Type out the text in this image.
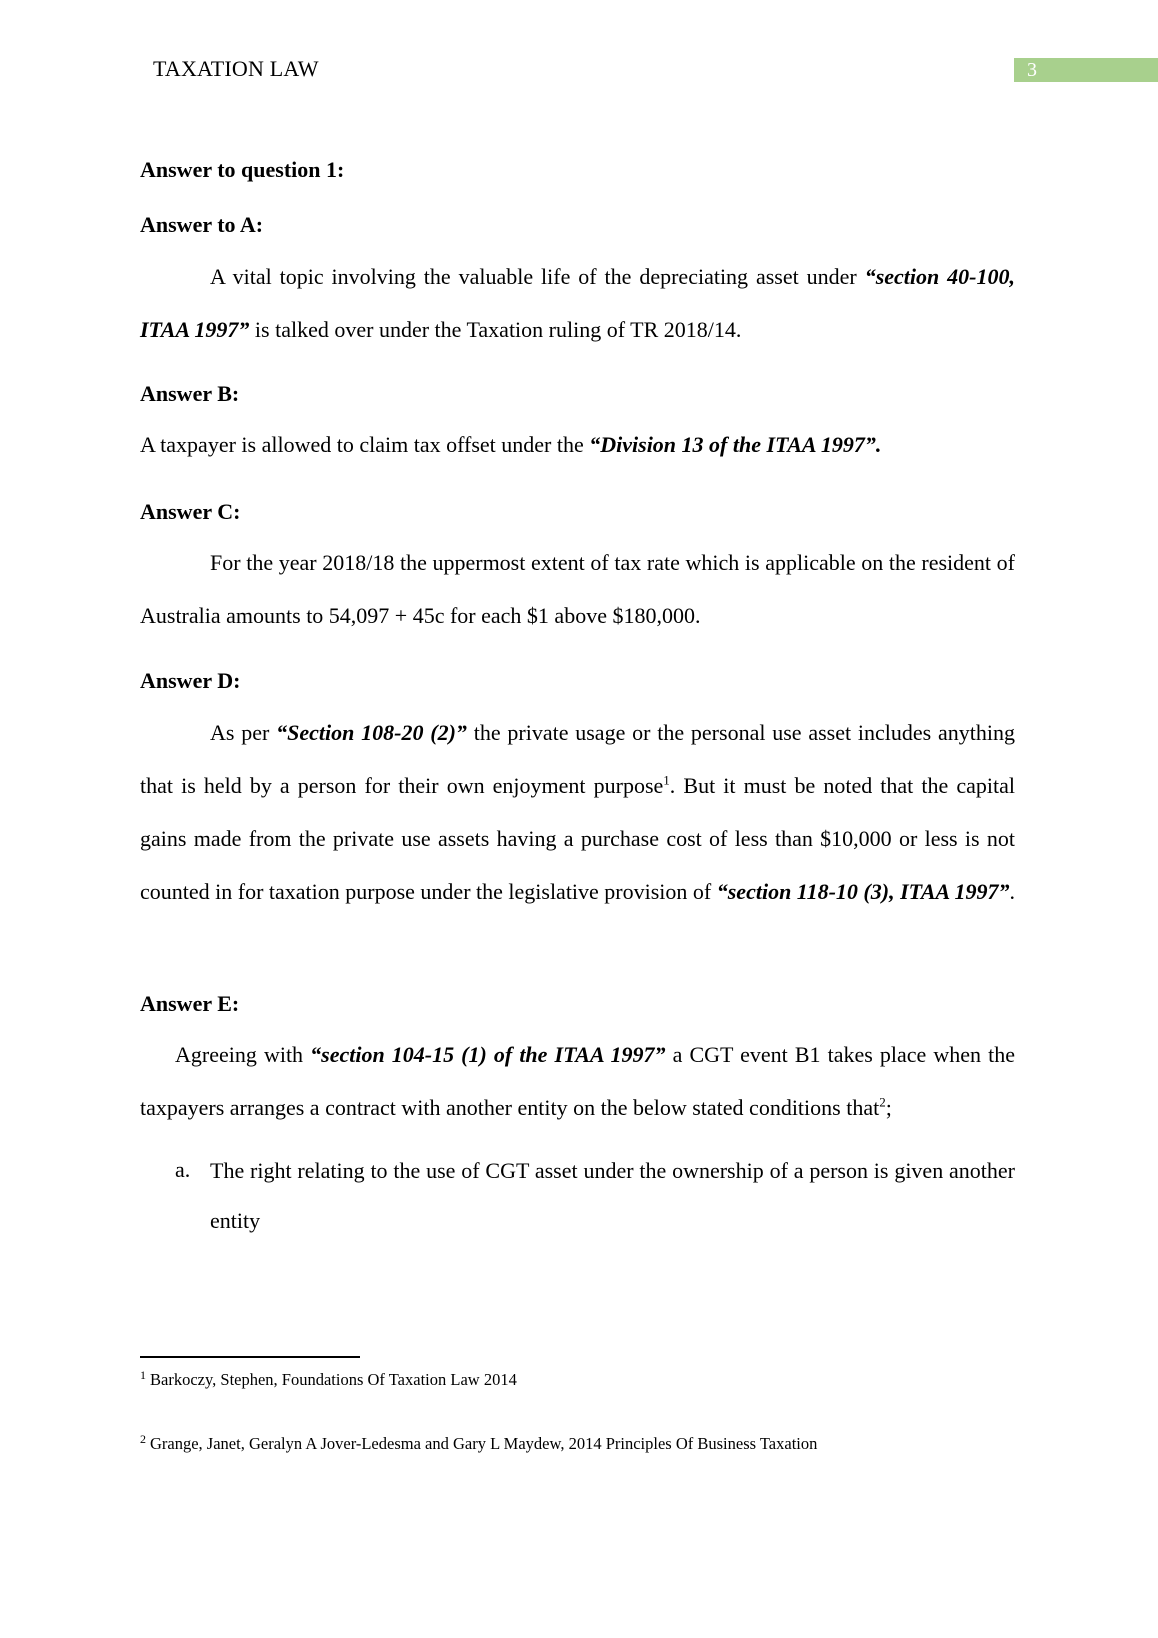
TAXATION LAW	3
Answer to question 1:
Answer to A:
A vital topic involving the valuable life of the depreciating asset under “section 40-100, ITAA 1997” is talked over under the Taxation ruling of TR 2018/14.
Answer B:
A taxpayer is allowed to claim tax offset under the “Division 13 of the ITAA 1997”.
Answer C:
For the year 2018/18 the uppermost extent of tax rate which is applicable on the resident of Australia amounts to 54,097 + 45c for each $1 above $180,000.
Answer D:
As per “Section 108-20 (2)” the private usage or the personal use asset includes anything that is held by a person for their own enjoyment purpose$^1$. But it must be noted that the capital gains made from the private use assets having a purchase cost of less than $10,000 or less is not counted in for taxation purpose under the legislative provision of “section 118-10 (3), ITAA 1997”.
Answer E:
Agreeing with “section 104-15 (1) of the ITAA 1997” a CGT event B1 takes place when the taxpayers arranges a contract with another entity on the below stated conditions that$^2$;
a. The right relating to the use of CGT asset under the ownership of a person is given another entity
$^1$ Barkoczy, Stephen, Foundations Of Taxation Law 2014
$^2$ Grange, Janet, Geralyn A Jover-Ledesma and Gary L Maydew, 2014 Principles Of Business Taxation
